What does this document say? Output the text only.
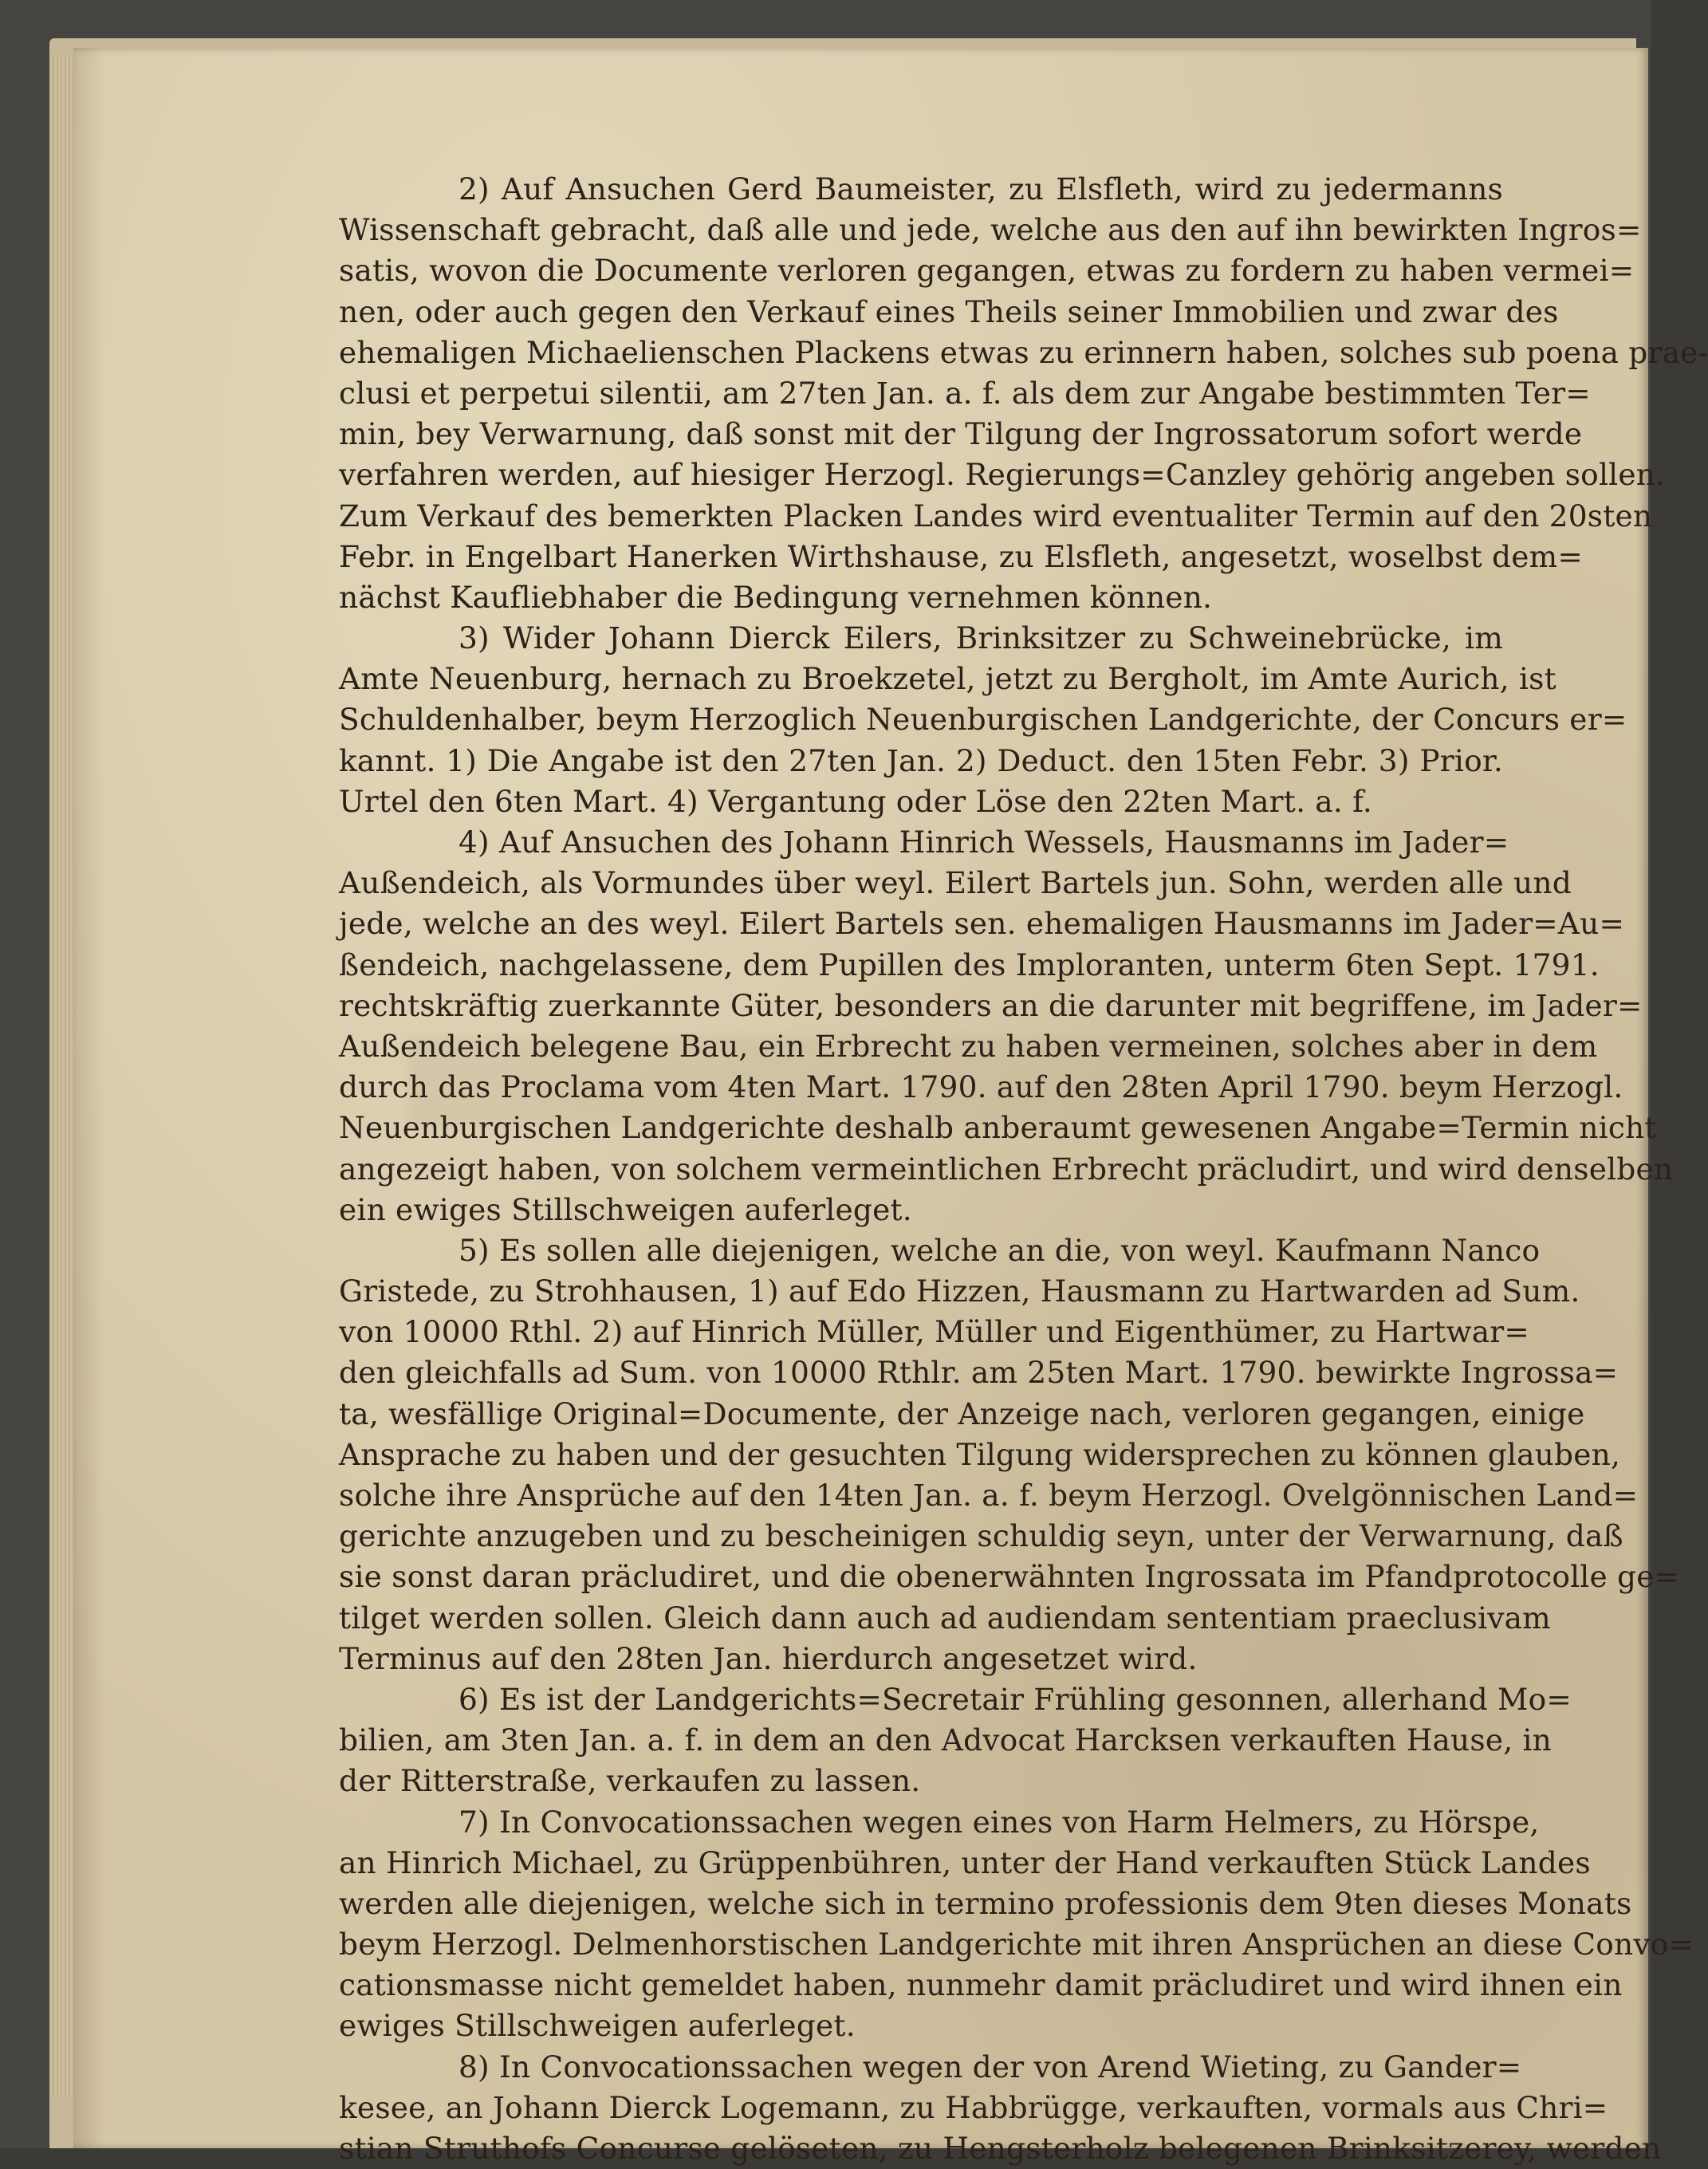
2) Auf Ansuchen Gerd Baumeister, zu Elsfleth, wird zu jedermanns
Wissenschaft gebracht, daß alle und jede, welche aus den auf ihn bewirkten Ingros=
satis, wovon die Documente verloren gegangen, etwas zu fordern zu haben vermei=
nen, oder auch gegen den Verkauf eines Theils seiner Immobilien und zwar des
ehemaligen Michaelienschen Plackens etwas zu erinnern haben, solches sub poena prae-
clusi et perpetui silentii, am 27ten Jan. a. f. als dem zur Angabe bestimmten Ter=
min, bey Verwarnung, daß sonst mit der Tilgung der Ingrossatorum sofort werde
verfahren werden, auf hiesiger Herzogl. Regierungs=Canzley gehörig angeben sollen.
Zum Verkauf des bemerkten Placken Landes wird eventualiter Termin auf den 20sten
Febr. in Engelbart Hanerken Wirthshause, zu Elsfleth, angesetzt, woselbst dem=
nächst Kaufliebhaber die Bedingung vernehmen können.
3) Wider Johann Dierck Eilers, Brinksitzer zu Schweinebrücke, im
Amte Neuenburg, hernach zu Broekzetel, jetzt zu Bergholt, im Amte Aurich, ist
Schuldenhalber, beym Herzoglich Neuenburgischen Landgerichte, der Concurs er=
kannt. 1) Die Angabe ist den 27ten Jan. 2) Deduct. den 15ten Febr. 3) Prior.
Urtel den 6ten Mart. 4) Vergantung oder Löse den 22ten Mart. a. f.
4) Auf Ansuchen des Johann Hinrich Wessels, Hausmanns im Jader=
Außendeich, als Vormundes über weyl. Eilert Bartels jun. Sohn, werden alle und
jede, welche an des weyl. Eilert Bartels sen. ehemaligen Hausmanns im Jader=Au=
ßendeich, nachgelassene, dem Pupillen des Imploranten, unterm 6ten Sept. 1791.
rechtskräftig zuerkannte Güter, besonders an die darunter mit begriffene, im Jader=
Außendeich belegene Bau, ein Erbrecht zu haben vermeinen, solches aber in dem
durch das Proclama vom 4ten Mart. 1790. auf den 28ten April 1790. beym Herzogl.
Neuenburgischen Landgerichte deshalb anberaumt gewesenen Angabe=Termin nicht
angezeigt haben, von solchem vermeintlichen Erbrecht präcludirt, und wird denselben
ein ewiges Stillschweigen auferleget.
5) Es sollen alle diejenigen, welche an die, von weyl. Kaufmann Nanco
Gristede, zu Strohhausen, 1) auf Edo Hizzen, Hausmann zu Hartwarden ad Sum.
von 10000 Rthl. 2) auf Hinrich Müller, Müller und Eigenthümer, zu Hartwar=
den gleichfalls ad Sum. von 10000 Rthlr. am 25ten Mart. 1790. bewirkte Ingrossa=
ta, wesfällige Original=Documente, der Anzeige nach, verloren gegangen, einige
Ansprache zu haben und der gesuchten Tilgung widersprechen zu können glauben,
solche ihre Ansprüche auf den 14ten Jan. a. f. beym Herzogl. Ovelgönnischen Land=
gerichte anzugeben und zu bescheinigen schuldig seyn, unter der Verwarnung, daß
sie sonst daran präcludiret, und die obenerwähnten Ingrossata im Pfandprotocolle ge=
tilget werden sollen. Gleich dann auch ad audiendam sententiam praeclusivam
Terminus auf den 28ten Jan. hierdurch angesetzet wird.
6) Es ist der Landgerichts=Secretair Frühling gesonnen, allerhand Mo=
bilien, am 3ten Jan. a. f. in dem an den Advocat Harcksen verkauften Hause, in
der Ritterstraße, verkaufen zu lassen.
7) In Convocationssachen wegen eines von Harm Helmers, zu Hörspe,
an Hinrich Michael, zu Grüppenbühren, unter der Hand verkauften Stück Landes
werden alle diejenigen, welche sich in termino professionis dem 9ten dieses Monats
beym Herzogl. Delmenhorstischen Landgerichte mit ihren Ansprüchen an diese Convo=
cationsmasse nicht gemeldet haben, nunmehr damit präcludiret und wird ihnen ein
ewiges Stillschweigen auferleget.
8) In Convocationssachen wegen der von Arend Wieting, zu Gander=
kesee, an Johann Dierck Logemann, zu Habbrügge, verkauften, vormals aus Chri=
stian Struthofs Concurse gelöseten, zu Hengsterholz belegenen Brinksitzerey, werden
